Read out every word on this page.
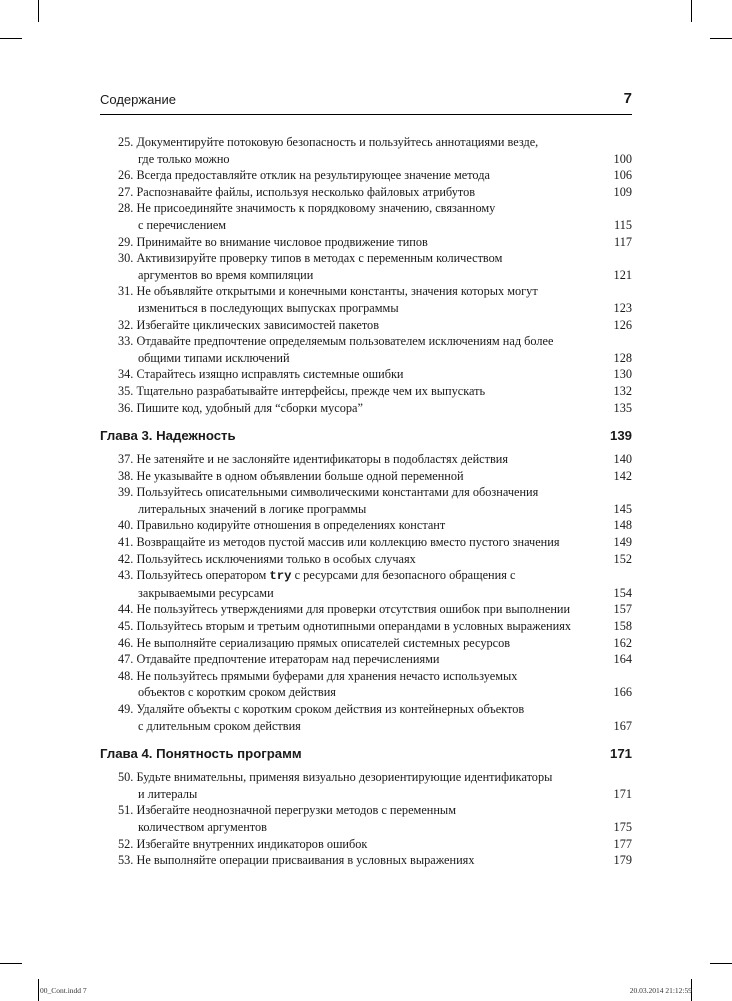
Содержание	7
25. Документируйте потоковую безопасность и пользуйтесь аннотациями везде,
где только можно	100
26. Всегда предоставляйте отклик на результирующее значение метода	106
27. Распознавайте файлы, используя несколько файловых атрибутов	109
28. Не присоединяйте значимость к порядковому значению, связанному
с перечислением	115
29. Принимайте во внимание числовое продвижение типов	117
30. Активизируйте проверку типов в методах с переменным количеством
аргументов во время компиляции	121
31. Не объявляйте открытыми и конечными константы, значения которых могут
измениться в последующих выпусках программы	123
32. Избегайте циклических зависимостей пакетов	126
33. Отдавайте предпочтение определяемым пользователем исключениям над более
общими типами исключений	128
34. Старайтесь изящно исправлять системные ошибки	130
35. Тщательно разрабатывайте интерфейсы, прежде чем их выпускать	132
36. Пишите код, удобный для “сборки мусора”	135
Глава 3. Надежность	139
37. Не затеняйте и не заслоняйте идентификаторы в подобластях действия	140
38. Не указывайте в одном объявлении больше одной переменной	142
39. Пользуйтесь описательными символическими константами для обозначения
литеральных значений в логике программы	145
40. Правильно кодируйте отношения в определениях констант	148
41. Возвращайте из методов пустой массив или коллекцию вместо пустого значения	149
42. Пользуйтесь исключениями только в особых случаях	152
43. Пользуйтесь оператором try с ресурсами для безопасного обращения с
закрываемыми ресурсами	154
44. Не пользуйтесь утверждениями для проверки отсутствия ошибок при выполнении	157
45. Пользуйтесь вторым и третьим однотипными операндами в условных выражениях	158
46. Не выполняйте сериализацию прямых описателей системных ресурсов	162
47. Отдавайте предпочтение итераторам над перечислениями	164
48. Не пользуйтесь прямыми буферами для хранения нечасто используемых
объектов с коротким сроком действия	166
49. Удаляйте объекты с коротким сроком действия из контейнерных объектов
с длительным сроком действия	167
Глава 4. Понятность программ	171
50. Будьте внимательны, применяя визуально дезориентирующие идентификаторы
и литералы	171
51. Избегайте неоднозначной перегрузки методов с переменным
количеством аргументов	175
52. Избегайте внутренних индикаторов ошибок	177
53. Не выполняйте операции присваивания в условных выражениях	179
00_Cont.indd 7	20.03.2014 21:12:59
